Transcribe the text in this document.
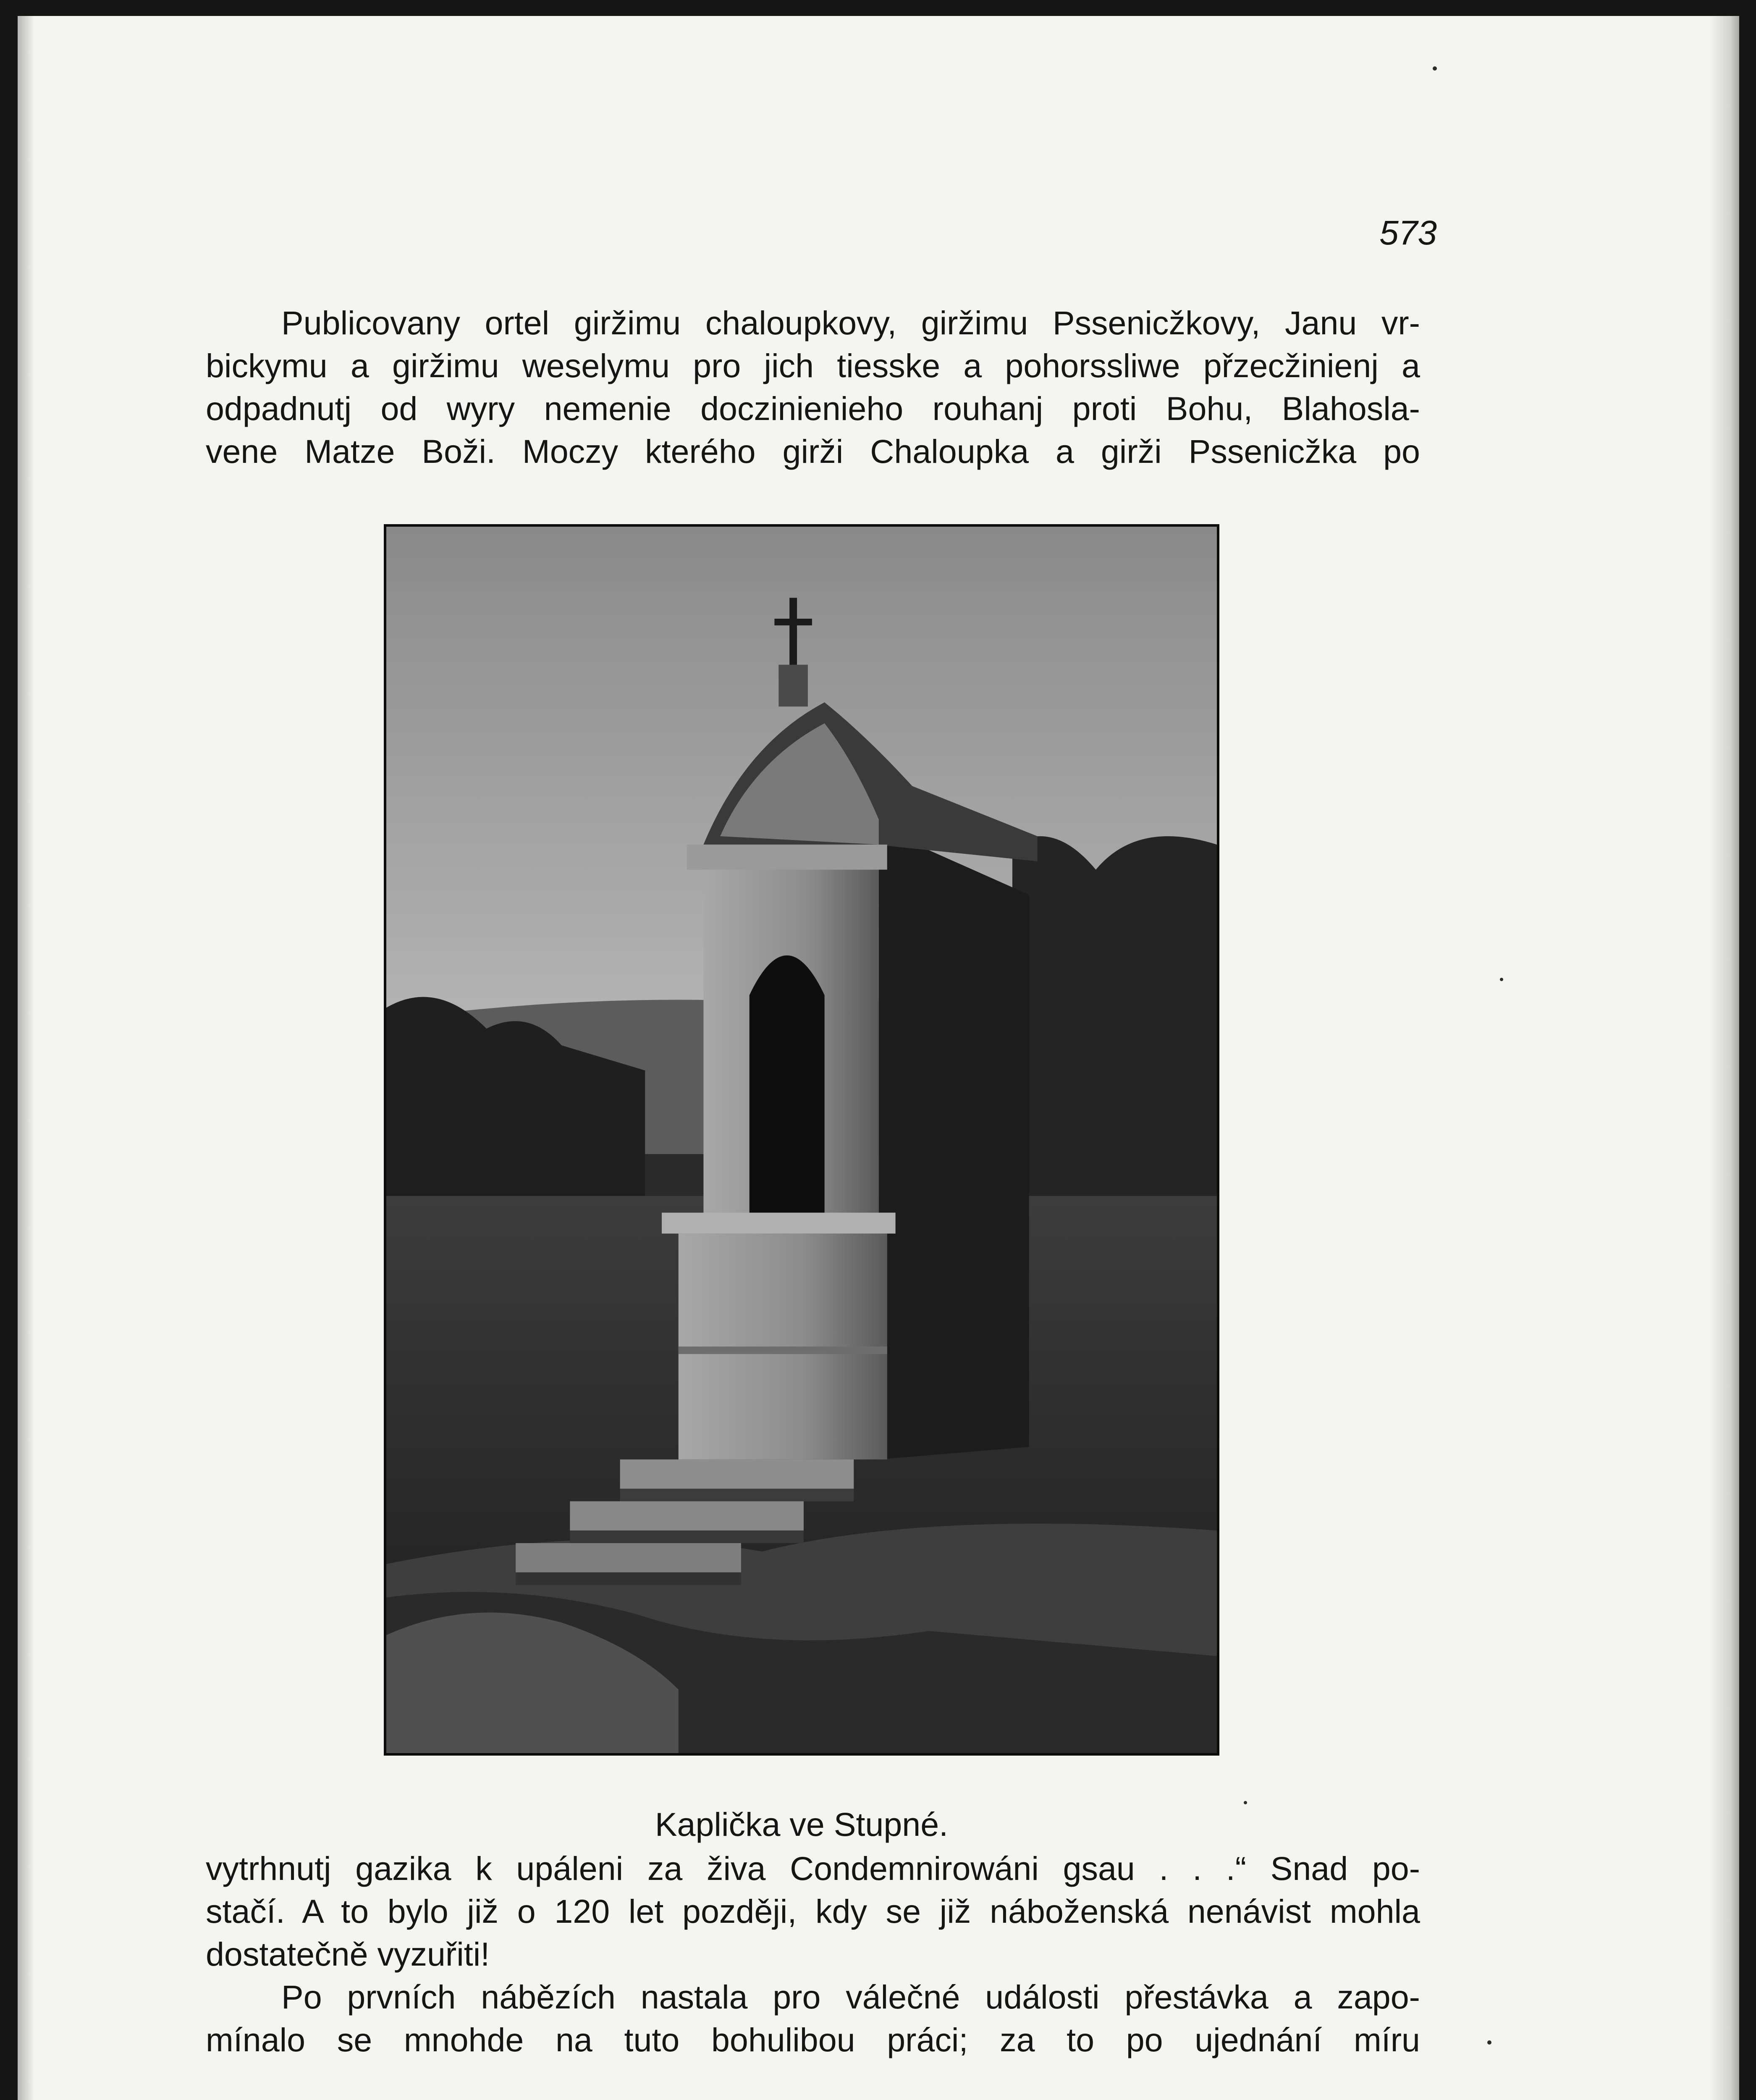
573
Publicovany ortel giržimu chaloupkovy, giržimu Pssenicžkovy, Janu vr-
bickymu a giržimu weselymu pro jich tiesske a pohorssliwe přzecžinienj a
odpadnutj od wyry nemenie doczinienieho rouhanj proti Bohu, Blahosla-
vene Matze Boži. Moczy kterého girži Chaloupka a girži Pssenicžka po
Kaplička ve Stupné.
vytrhnutj gazika k upáleni za živa Condemnirowáni gsau . . .“ Snad po-
stačí. A to bylo již o 120 let později, kdy se již náboženská nenávist mohla
dostatečně vyzuřiti!
Po prvních nábězích nastala pro válečné události přestávka a zapo-
mínalo se mnohde na tuto bohulibou práci; za to po ujednání míru
